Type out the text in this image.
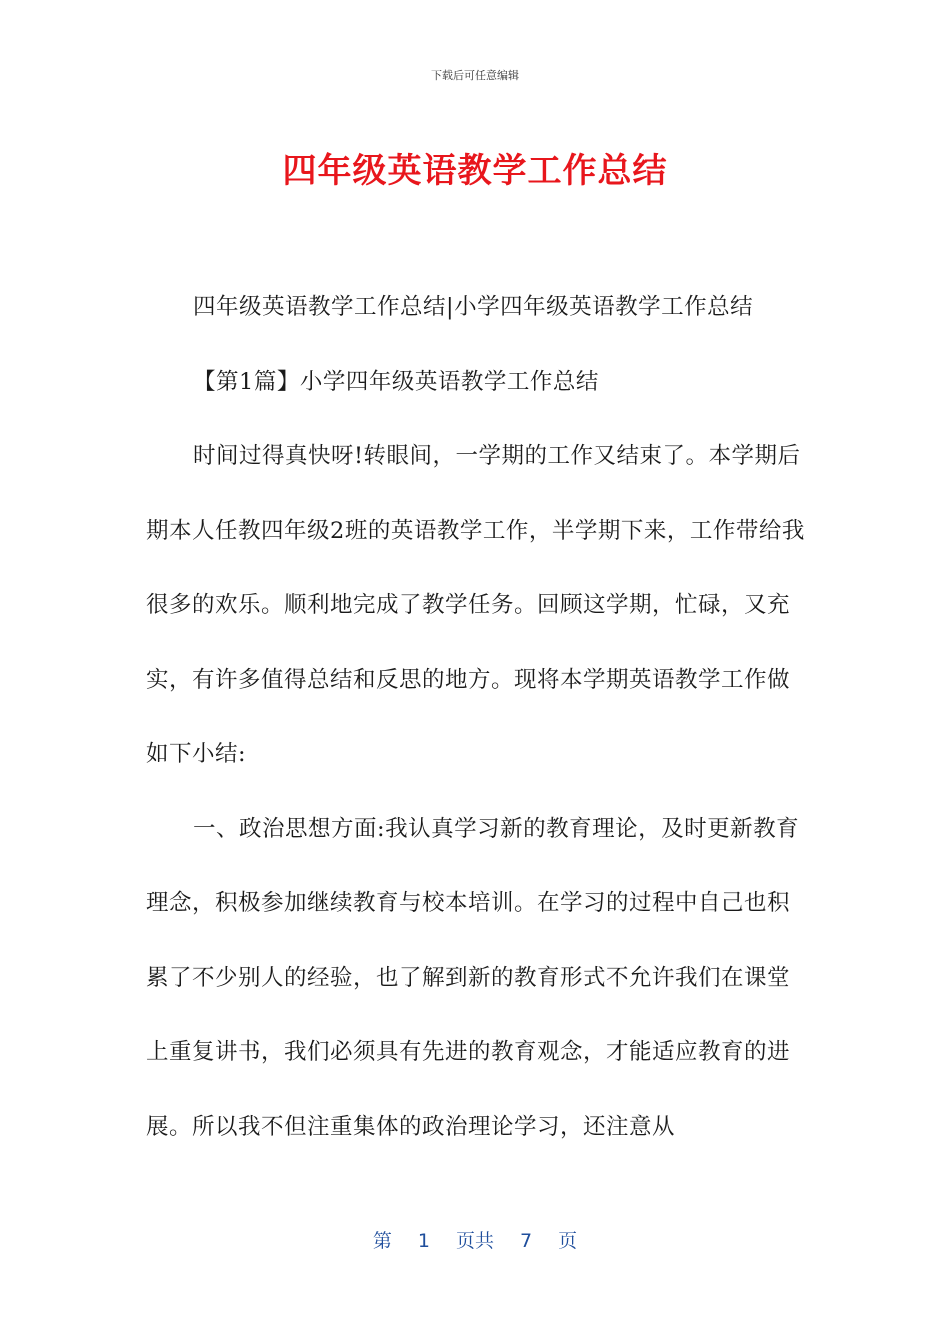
下载后可任意编辑
四年级英语教学工作总结

四年级英语教学工作总结|小学四年级英语教学工作总结

【第1篇】小学四年级英语教学工作总结

时间过得真快呀!转眼间，一学期的工作又结束了。本学期后期本人任教四年级2班的英语教学工作，半学期下来，工作带给我很多的欢乐。顺利地完成了教学任务。回顾这学期，忙碌，又充实，有许多值得总结和反思的地方。现将本学期英语教学工作做如下小结:

一、政治思想方面:我认真学习新的教育理论，及时更新教育理念，积极参加继续教育与校本培训。在学习的过程中自己也积累了不少别人的经验，也了解到新的教育形式不允许我们在课堂上重复讲书，我们必须具有先进的教育观念，才能适应教育的进展。所以我不但注重集体的政治理论学习，还注意从

第 1 页共 7 页
